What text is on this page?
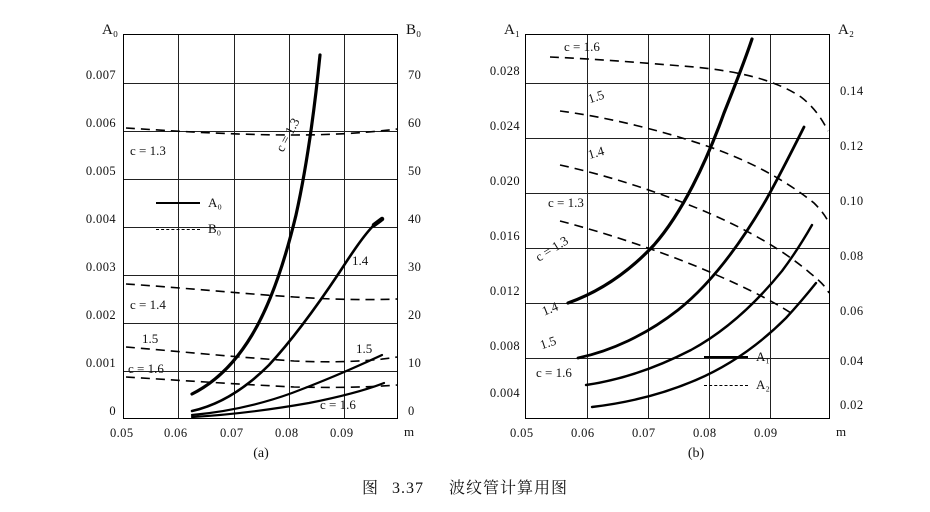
A₀	B₀
A₀
B₀
c = 1.3
1.4
1.5
c = 1.6
c = 1.3
c = 1.4
1.5
c = 1.6
0.007
0.006
0.005
0.004
0.003
0.002
0.001
0
70
60
50
40
30
20
10
0
0.05 0.06	0.07	0.08	0.09	m
(a)
A₁	A₂
A₁
A₂
c = 1.6
1.5
1.4
c = 1.3
c = 1.3
1.4
1.5
c = 1.6
0.028
0.024
0.020
0.016
0.012
0.008
0.004
0.14
0.12
0.10
0.08
0.06
0.04
0.02
0.05	0.06	0.07	0.08	0.09	m
(b)
图 3.37 波纹管计算用图
